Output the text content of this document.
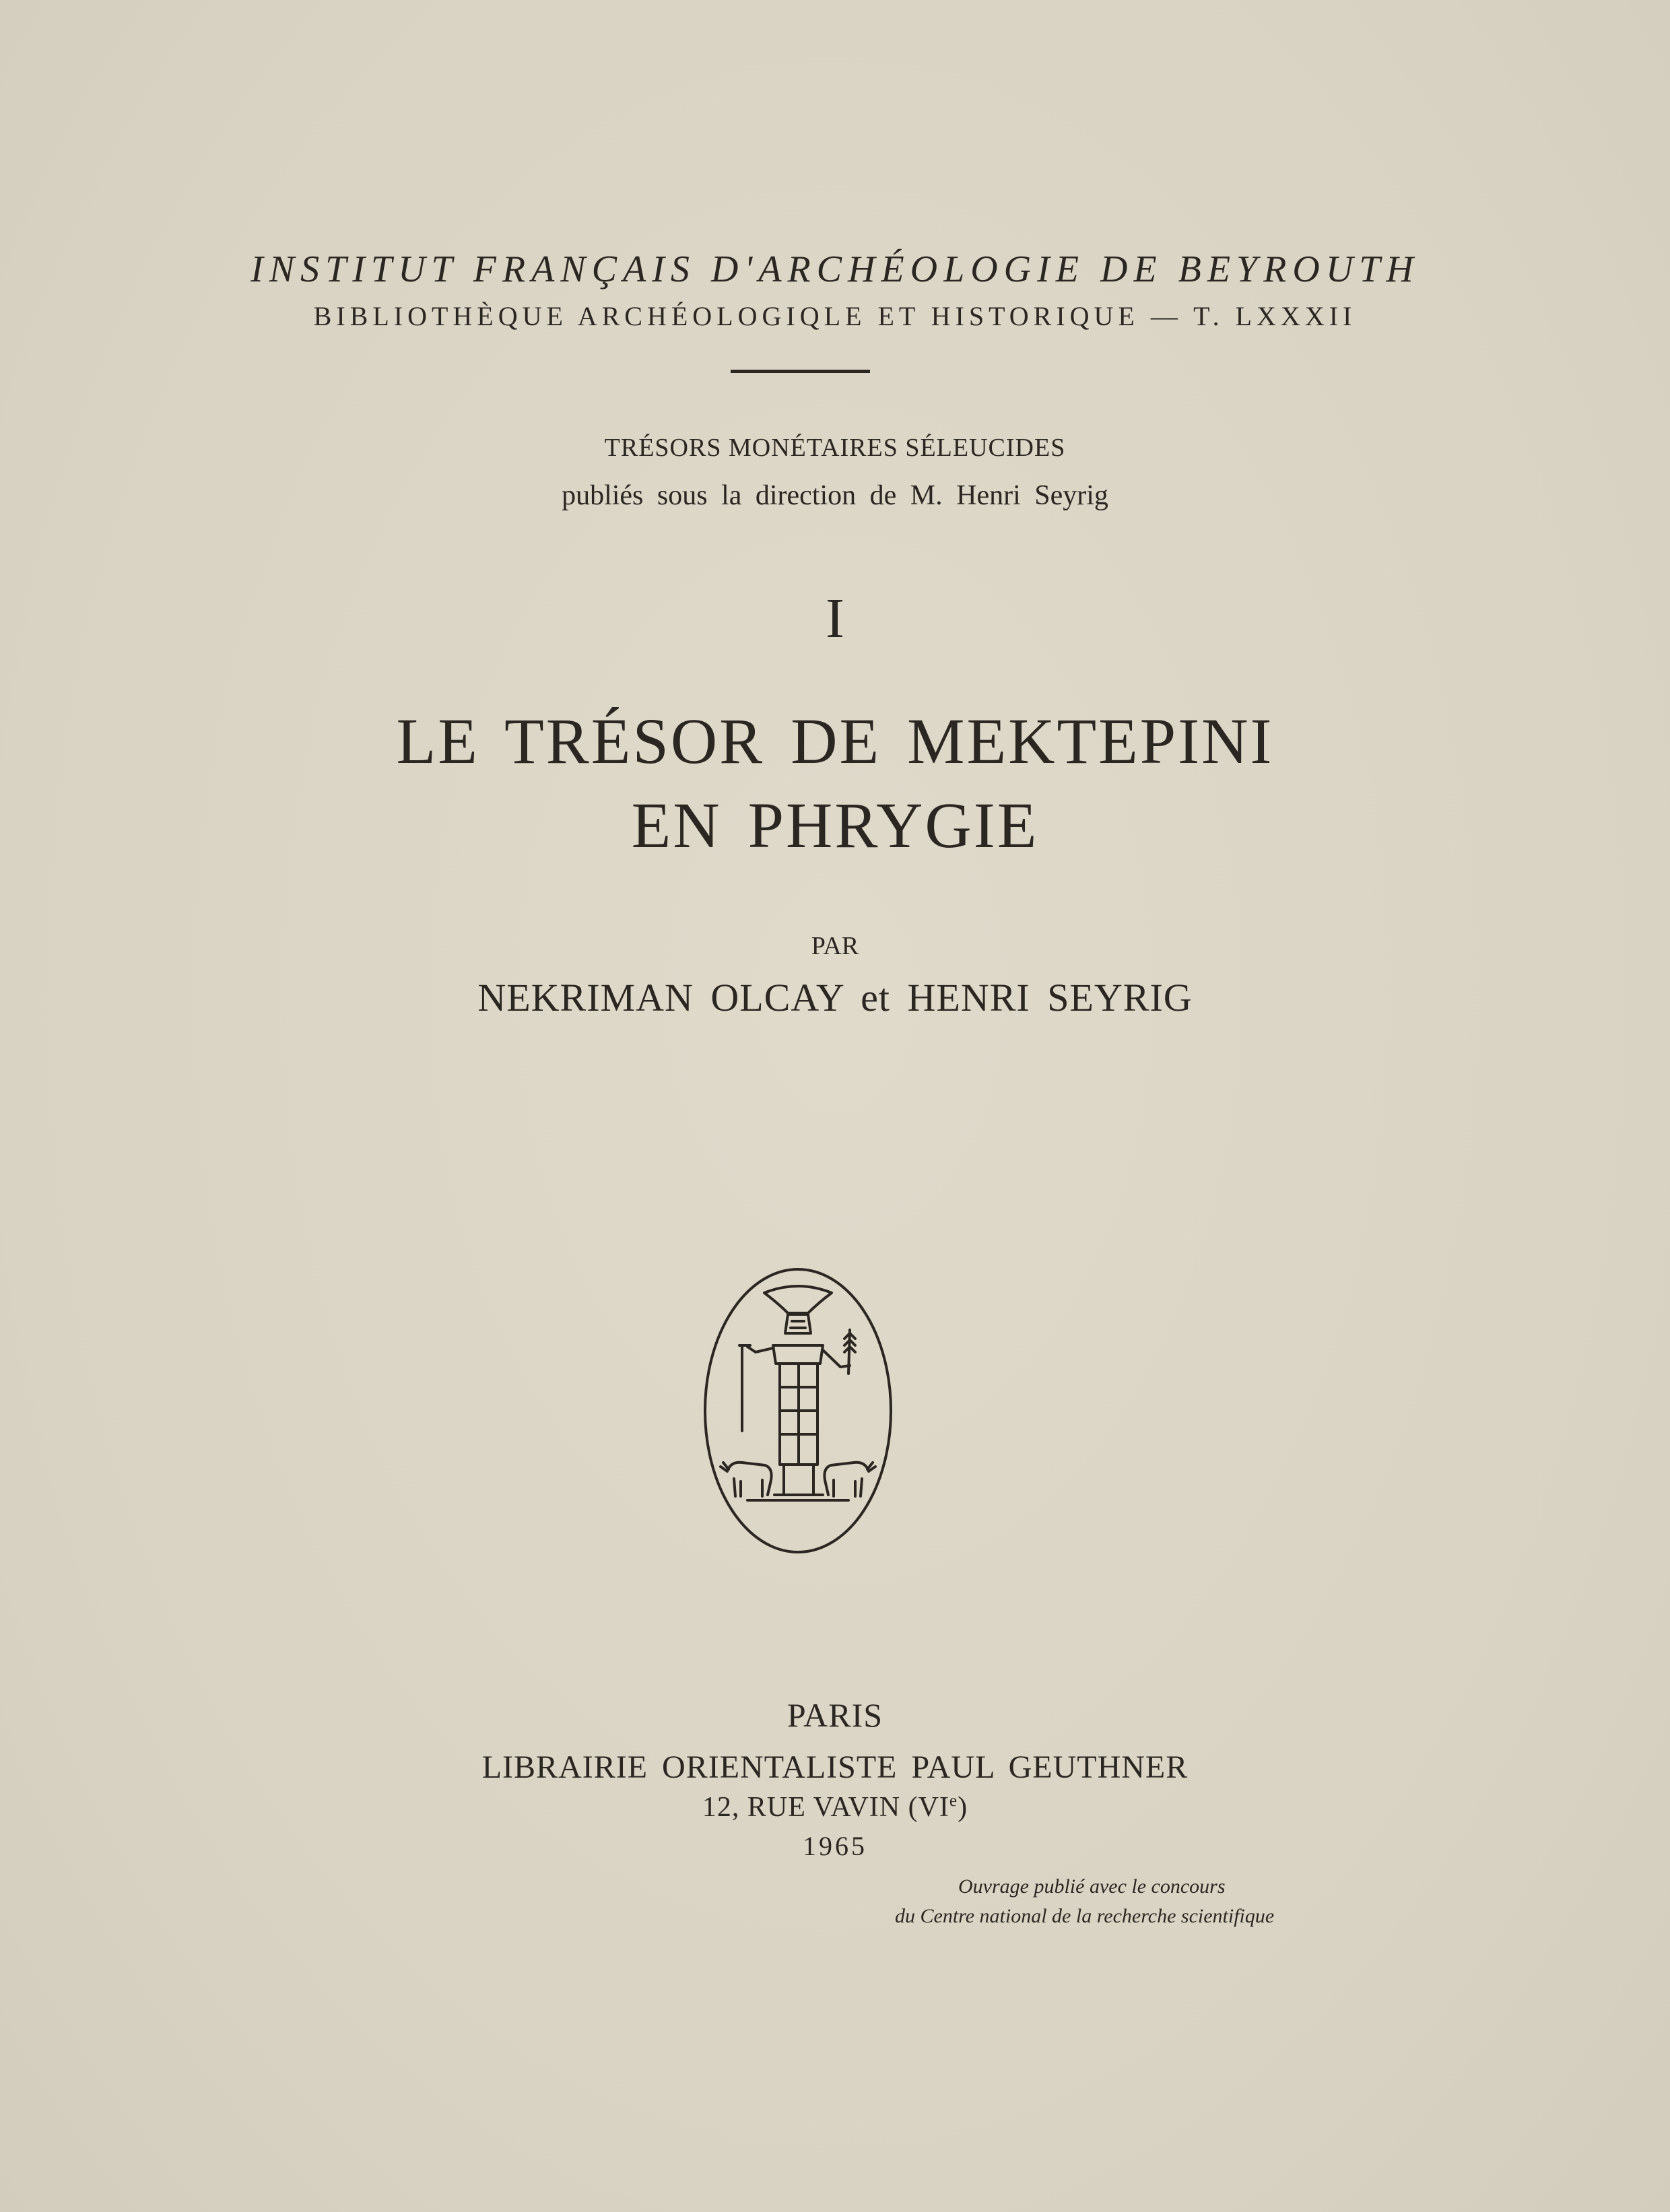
INSTITUT FRANÇAIS D'ARCHÉOLOGIE DE BEYROUTH
BIBLIOTHÈQUE ARCHÉOLOGIQLE ET HISTORIQUE — T. LXXXII
TRÉSORS MONÉTAIRES SÉLEUCIDES
publiés sous la direction de M. Henri Seyrig
I
LE TRÉSOR DE MEKTEPINI
EN PHRYGIE
PAR
NEKRIMAN OLCAY et HENRI SEYRIG
PARIS
LIBRAIRIE ORIENTALISTE PAUL GEUTHNER
12, RUE VAVIN (VIe)
1965
Ouvrage publié avec le concours
du Centre national de la recherche scientifique
